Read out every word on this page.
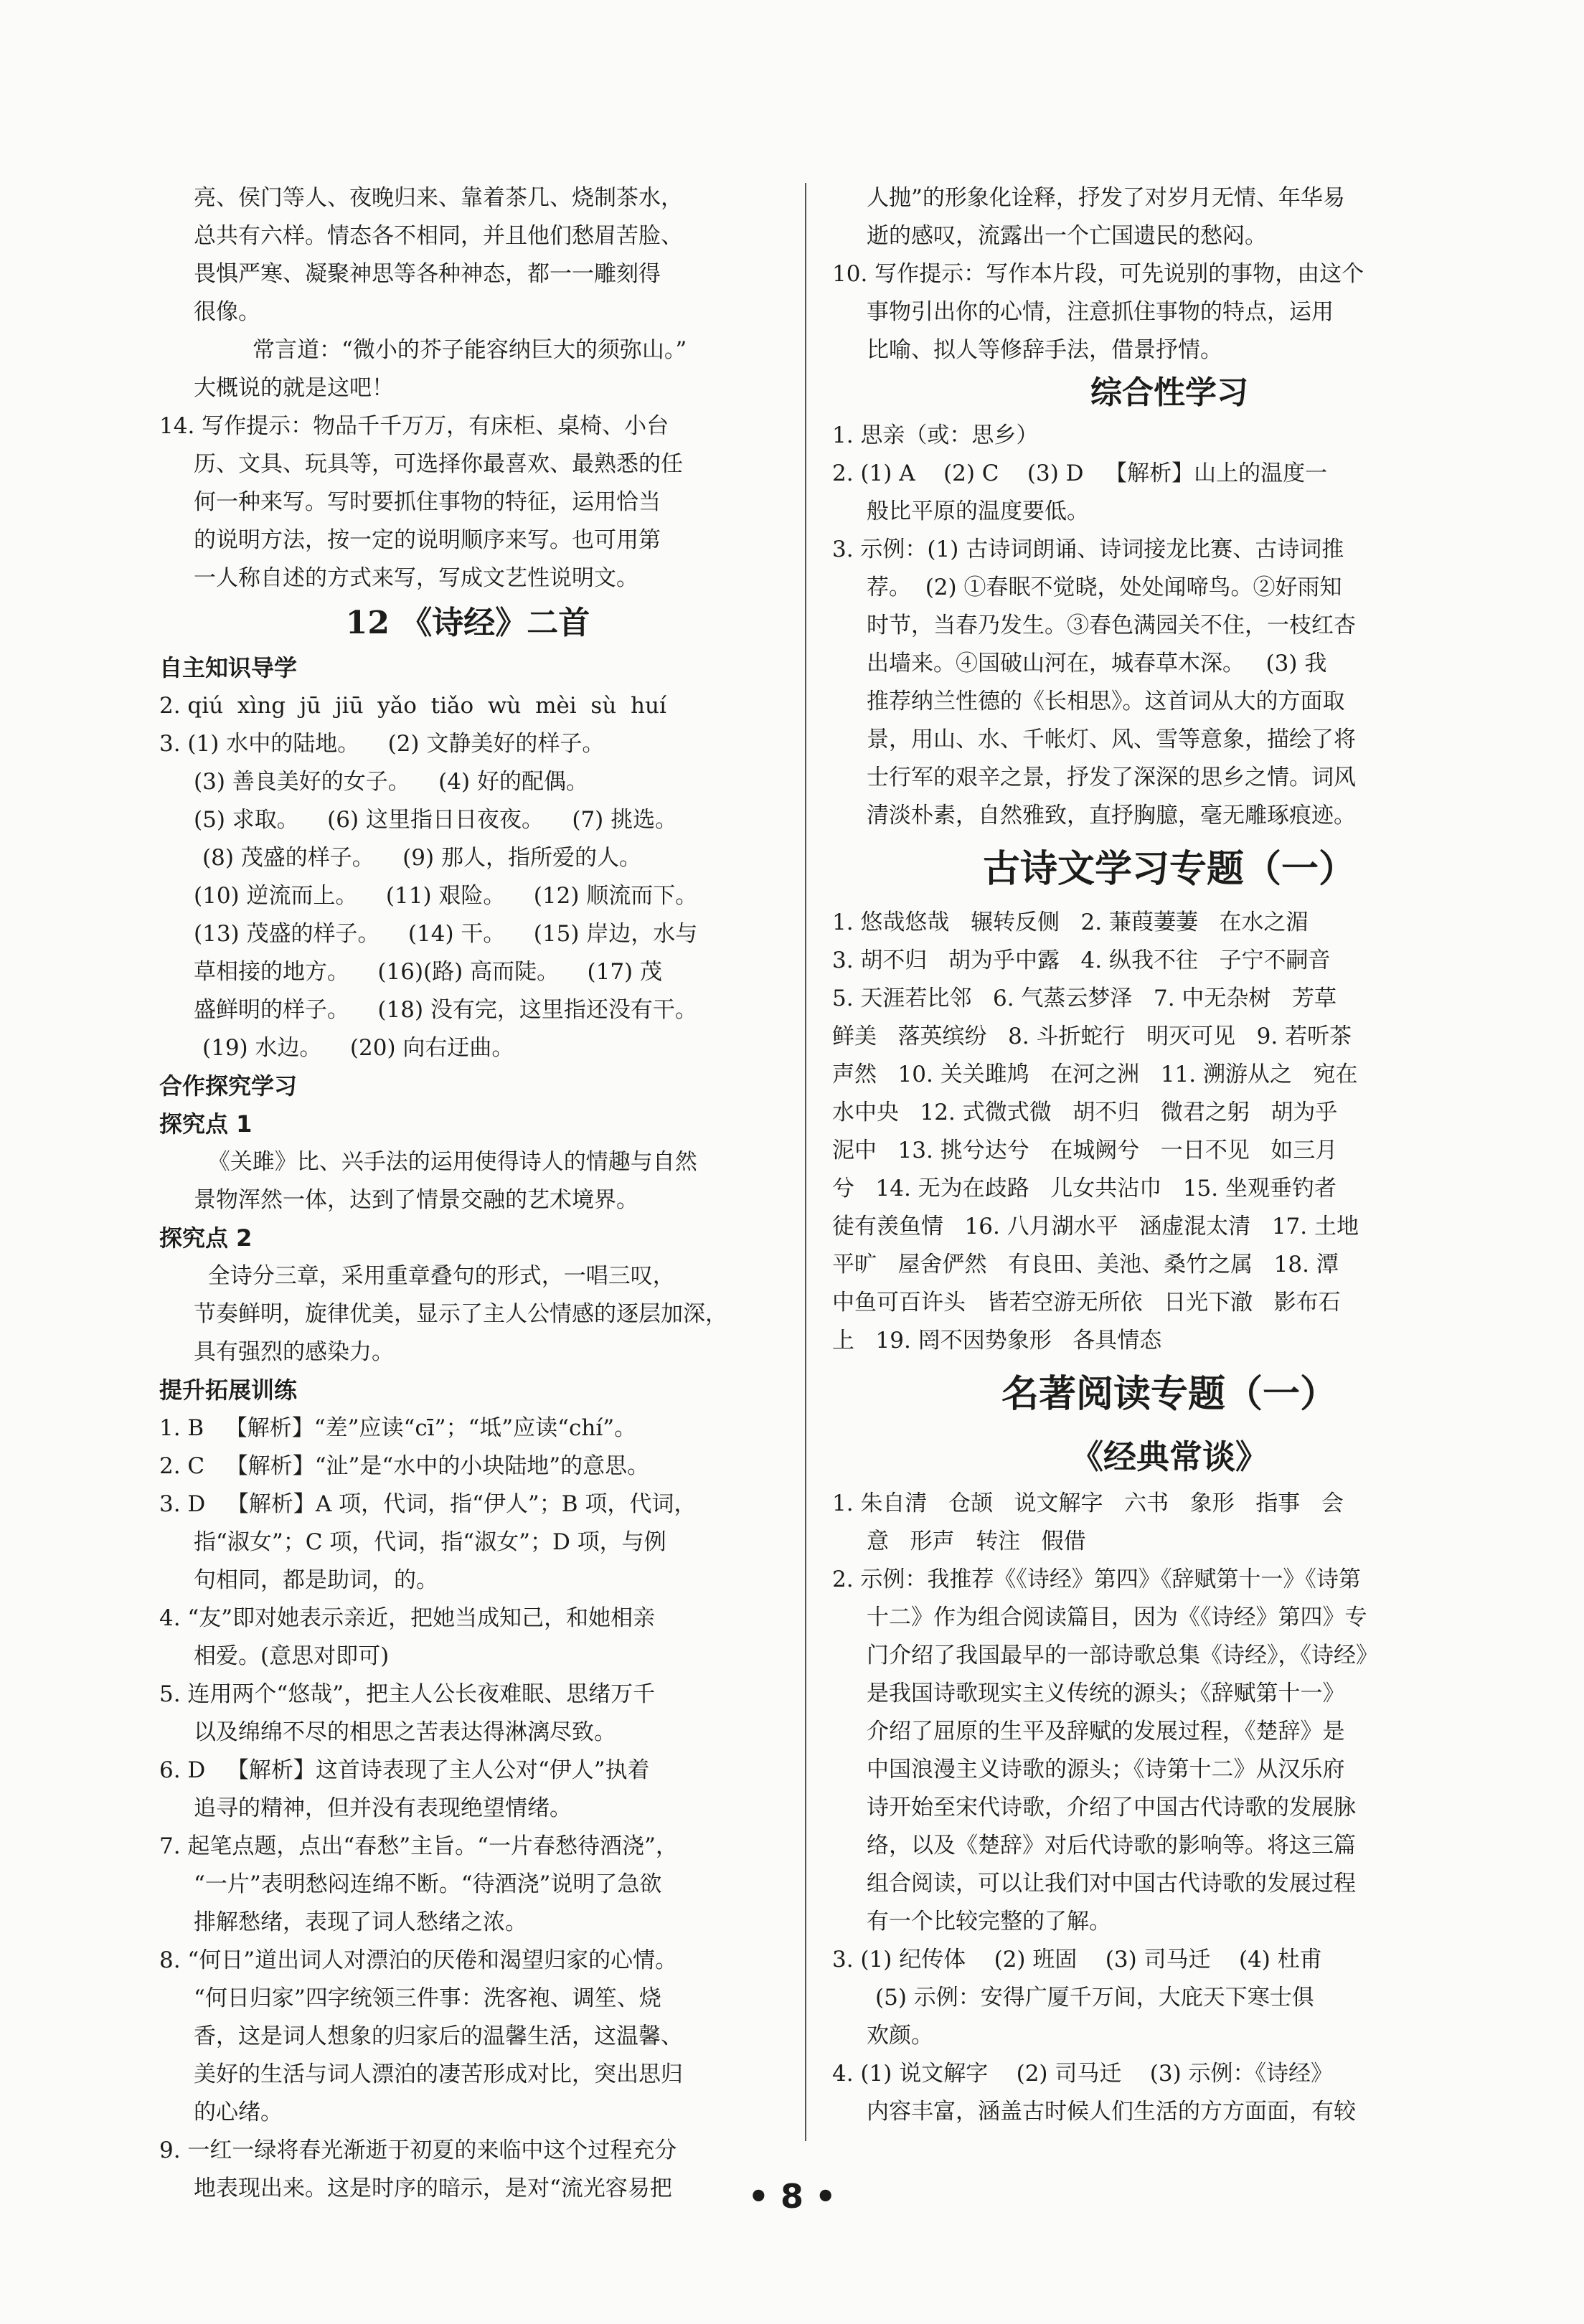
亮、侯门等人、夜晚归来、靠着茶几、烧制茶水，
总共有六样。情态各不相同，并且他们愁眉苦脸、
畏惧严寒、凝聚神思等各种神态，都一一雕刻得
很像。
常言道：“微小的芥子能容纳巨大的须弥山。”
大概说的就是这吧！
14. 写作提示：物品千千万万，有床柜、桌椅、小台
历、文具、玩具等，可选择你最喜欢、最熟悉的任
何一种来写。写时要抓住事物的特征，运用恰当
的说明方法，按一定的说明顺序来写。也可用第
一人称自述的方式来写，写成文艺性说明文。
12 《诗经》二首
自主知识导学
2. qiú  xìng  jū  jiū  yǎo  tiǎo  wù  mèi  sù  huí
3. (1) 水中的陆地。    (2) 文静美好的样子。
(3) 善良美好的女子。    (4) 好的配偶。
(5) 求取。    (6) 这里指日日夜夜。    (7) 挑选。
(8) 茂盛的样子。    (9) 那人，指所爱的人。
(10) 逆流而上。    (11) 艰险。    (12) 顺流而下。
(13) 茂盛的样子。    (14) 干。    (15) 岸边，水与
草相接的地方。    (16)(路) 高而陡。    (17) 茂
盛鲜明的样子。    (18) 没有完，这里指还没有干。
(19) 水边。    (20) 向右迂曲。
合作探究学习
探究点 1
《关雎》比、兴手法的运用使得诗人的情趣与自然
景物浑然一体，达到了情景交融的艺术境界。
探究点 2
全诗分三章，采用重章叠句的形式，一唱三叹，
节奏鲜明，旋律优美，显示了主人公情感的逐层加深，
具有强烈的感染力。
提升拓展训练
1. B   【解析】“差”应读“cī”；“坻”应读“chí”。
2. C   【解析】“沚”是“水中的小块陆地”的意思。
3. D   【解析】A 项，代词，指“伊人”；B 项，代词，
指“淑女”；C 项，代词，指“淑女”；D 项，与例
句相同，都是助词，的。
4. “友”即对她表示亲近，把她当成知己，和她相亲
相爱。(意思对即可)
5. 连用两个“悠哉”，把主人公长夜难眠、思绪万千
以及绵绵不尽的相思之苦表达得淋漓尽致。
6. D   【解析】这首诗表现了主人公对“伊人”执着
追寻的精神，但并没有表现绝望情绪。
7. 起笔点题，点出“春愁”主旨。“一片春愁待酒浇”，
“一片”表明愁闷连绵不断。“待酒浇”说明了急欲
排解愁绪，表现了词人愁绪之浓。
8. “何日”道出词人对漂泊的厌倦和渴望归家的心情。
“何日归家”四字统领三件事：洗客袍、调笙、烧
香，这是词人想象的归家后的温馨生活，这温馨、
美好的生活与词人漂泊的凄苦形成对比，突出思归
的心绪。
9. 一红一绿将春光渐逝于初夏的来临中这个过程充分
地表现出来。这是时序的暗示，是对“流光容易把
人抛”的形象化诠释，抒发了对岁月无情、年华易
逝的感叹，流露出一个亡国遗民的愁闷。
10. 写作提示：写作本片段，可先说别的事物，由这个
事物引出你的心情，注意抓住事物的特点，运用
比喻、拟人等修辞手法，借景抒情。
综合性学习
1. 思亲（或：思乡）
2. (1) A    (2) C    (3) D   【解析】山上的温度一
般比平原的温度要低。
3. 示例：(1) 古诗词朗诵、诗词接龙比赛、古诗词推
荐。  (2) ①春眠不觉晓，处处闻啼鸟。②好雨知
时节，当春乃发生。③春色满园关不住，一枝红杏
出墙来。④国破山河在，城春草木深。   (3) 我
推荐纳兰性德的《长相思》。这首词从大的方面取
景，用山、水、千帐灯、风、雪等意象，描绘了将
士行军的艰辛之景，抒发了深深的思乡之情。词风
清淡朴素，自然雅致，直抒胸臆，毫无雕琢痕迹。
古诗文学习专题（一）
1. 悠哉悠哉   辗转反侧   2. 蒹葭萋萋   在水之湄
3. 胡不归   胡为乎中露   4. 纵我不往   子宁不嗣音
5. 天涯若比邻   6. 气蒸云梦泽   7. 中无杂树   芳草
鲜美   落英缤纷   8. 斗折蛇行   明灭可见   9. 若听茶
声然   10. 关关雎鸠   在河之洲   11. 溯游从之   宛在
水中央   12. 式微式微   胡不归   微君之躬   胡为乎
泥中   13. 挑兮达兮   在城阙兮   一日不见   如三月
兮   14. 无为在歧路   儿女共沾巾   15. 坐观垂钓者
徒有羡鱼情   16. 八月湖水平   涵虚混太清   17. 土地
平旷   屋舍俨然   有良田、美池、桑竹之属   18. 潭
中鱼可百许头   皆若空游无所依   日光下澈   影布石
上   19. 罔不因势象形   各具情态
名著阅读专题（一）
《经典常谈》
1. 朱自清   仓颉   说文解字   六书   象形   指事   会
意   形声   转注   假借
2. 示例：我推荐《《诗经》第四》《辞赋第十一》《诗第
十二》作为组合阅读篇目，因为《《诗经》第四》专
门介绍了我国最早的一部诗歌总集《诗经》，《诗经》
是我国诗歌现实主义传统的源头；《辞赋第十一》
介绍了屈原的生平及辞赋的发展过程，《楚辞》是
中国浪漫主义诗歌的源头；《诗第十二》从汉乐府
诗开始至宋代诗歌，介绍了中国古代诗歌的发展脉
络，以及《楚辞》对后代诗歌的影响等。将这三篇
组合阅读，可以让我们对中国古代诗歌的发展过程
有一个比较完整的了解。
3. (1) 纪传体    (2) 班固    (3) 司马迁    (4) 杜甫
(5) 示例：安得广厦千万间，大庇天下寒士俱
欢颜。
4. (1) 说文解字    (2) 司马迁    (3) 示例：《诗经》
内容丰富，涵盖古时候人们生活的方方面面，有较
• 8 •
